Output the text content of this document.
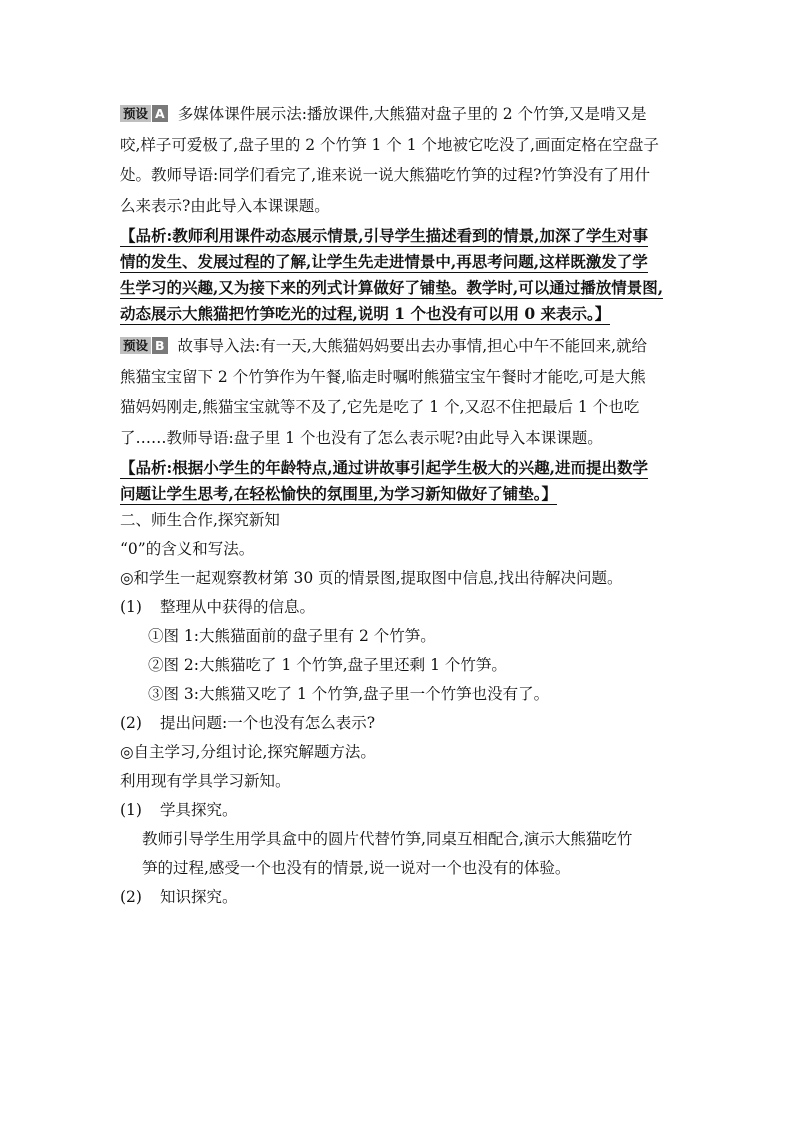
预设 A 多媒体课件展示法:播放课件,大熊猫对盘子里的 2 个竹笋,又是啃又是
咬,样子可爱极了,盘子里的 2 个竹笋 1 个 1 个地被它吃没了,画面定格在空盘子
处。教师导语:同学们看完了,谁来说一说大熊猫吃竹笋的过程?竹笋没有了用什
么来表示?由此导入本课课题。
【品析:教师利用课件动态展示情景,引导学生描述看到的情景,加深了学生对事
情的发生、发展过程的了解,让学生先走进情景中,再思考问题,这样既激发了学
生学习的兴趣,又为接下来的列式计算做好了铺垫。教学时,可以通过播放情景图,
动态展示大熊猫把竹笋吃光的过程,说明 1 个也没有可以用 0 来表示。】
预设 B 故事导入法:有一天,大熊猫妈妈要出去办事情,担心中午不能回来,就给
熊猫宝宝留下 2 个竹笋作为午餐,临走时嘱咐熊猫宝宝午餐时才能吃,可是大熊
猫妈妈刚走,熊猫宝宝就等不及了,它先是吃了 1 个,又忍不住把最后 1 个也吃
了……教师导语:盘子里 1 个也没有了怎么表示呢?由此导入本课课题。
【品析:根据小学生的年龄特点,通过讲故事引起学生极大的兴趣,进而提出数学
问题让学生思考,在轻松愉快的氛围里,为学习新知做好了铺垫。】
二、师生合作,探究新知
“0”的含义和写法。
◎和学生一起观察教材第 30 页的情景图,提取图中信息,找出待解决问题。
(1) 整理从中获得的信息。
①图 1:大熊猫面前的盘子里有 2 个竹笋。
②图 2:大熊猫吃了 1 个竹笋,盘子里还剩 1 个竹笋。
③图 3:大熊猫又吃了 1 个竹笋,盘子里一个竹笋也没有了。
(2) 提出问题:一个也没有怎么表示?
◎自主学习,分组讨论,探究解题方法。
利用现有学具学习新知。
(1) 学具探究。
教师引导学生用学具盒中的圆片代替竹笋,同桌互相配合,演示大熊猫吃竹
笋的过程,感受一个也没有的情景,说一说对一个也没有的体验。
(2) 知识探究。
